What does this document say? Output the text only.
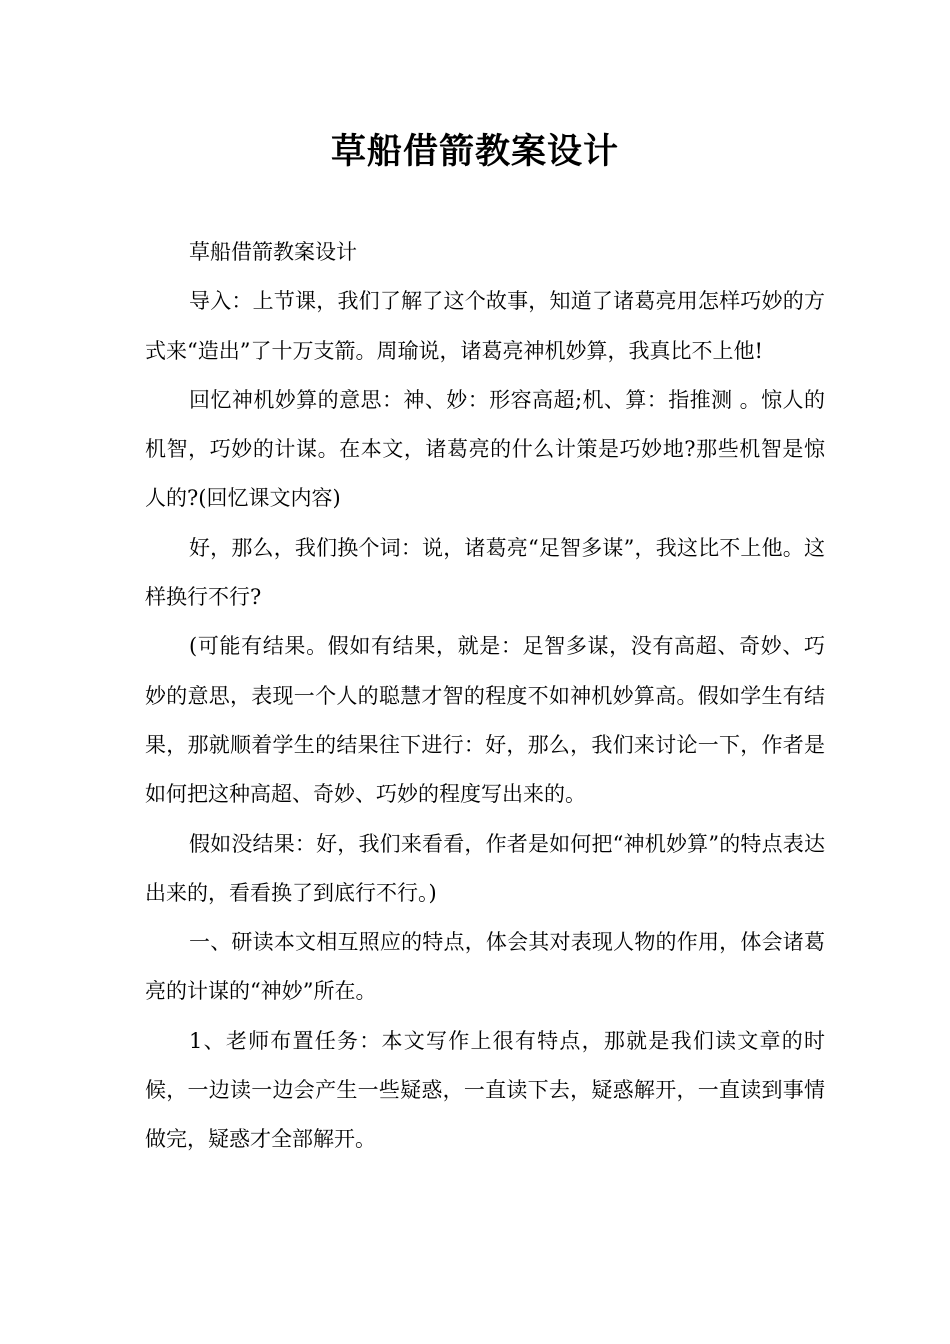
草船借箭教案设计

草船借箭教案设计

导入：上节课，我们了解了这个故事，知道了诸葛亮用怎样巧妙的方式来“造出”了十万支箭。周瑜说，诸葛亮神机妙算，我真比不上他!

回忆神机妙算的意思：神、妙：形容高超;机、算：指推测 。惊人的机智，巧妙的计谋。在本文，诸葛亮的什么计策是巧妙地?那些机智是惊人的?(回忆课文内容)

好，那么，我们换个词：说，诸葛亮“足智多谋”，我这比不上他。这样换行不行?

(可能有结果。假如有结果，就是：足智多谋，没有高超、奇妙、巧妙的意思，表现一个人的聪慧才智的程度不如神机妙算高。假如学生有结果，那就顺着学生的结果往下进行：好，那么，我们来讨论一下，作者是如何把这种高超、奇妙、巧妙的程度写出来的。

假如没结果：好，我们来看看，作者是如何把“神机妙算”的特点表达出来的，看看换了到底行不行。)

一、研读本文相互照应的特点，体会其对表现人物的作用，体会诸葛亮的计谋的“神妙”所在。

1、老师布置任务：本文写作上很有特点，那就是我们读文章的时候，一边读一边会产生一些疑惑，一直读下去，疑惑解开，一直读到事情做完，疑惑才全部解开。
